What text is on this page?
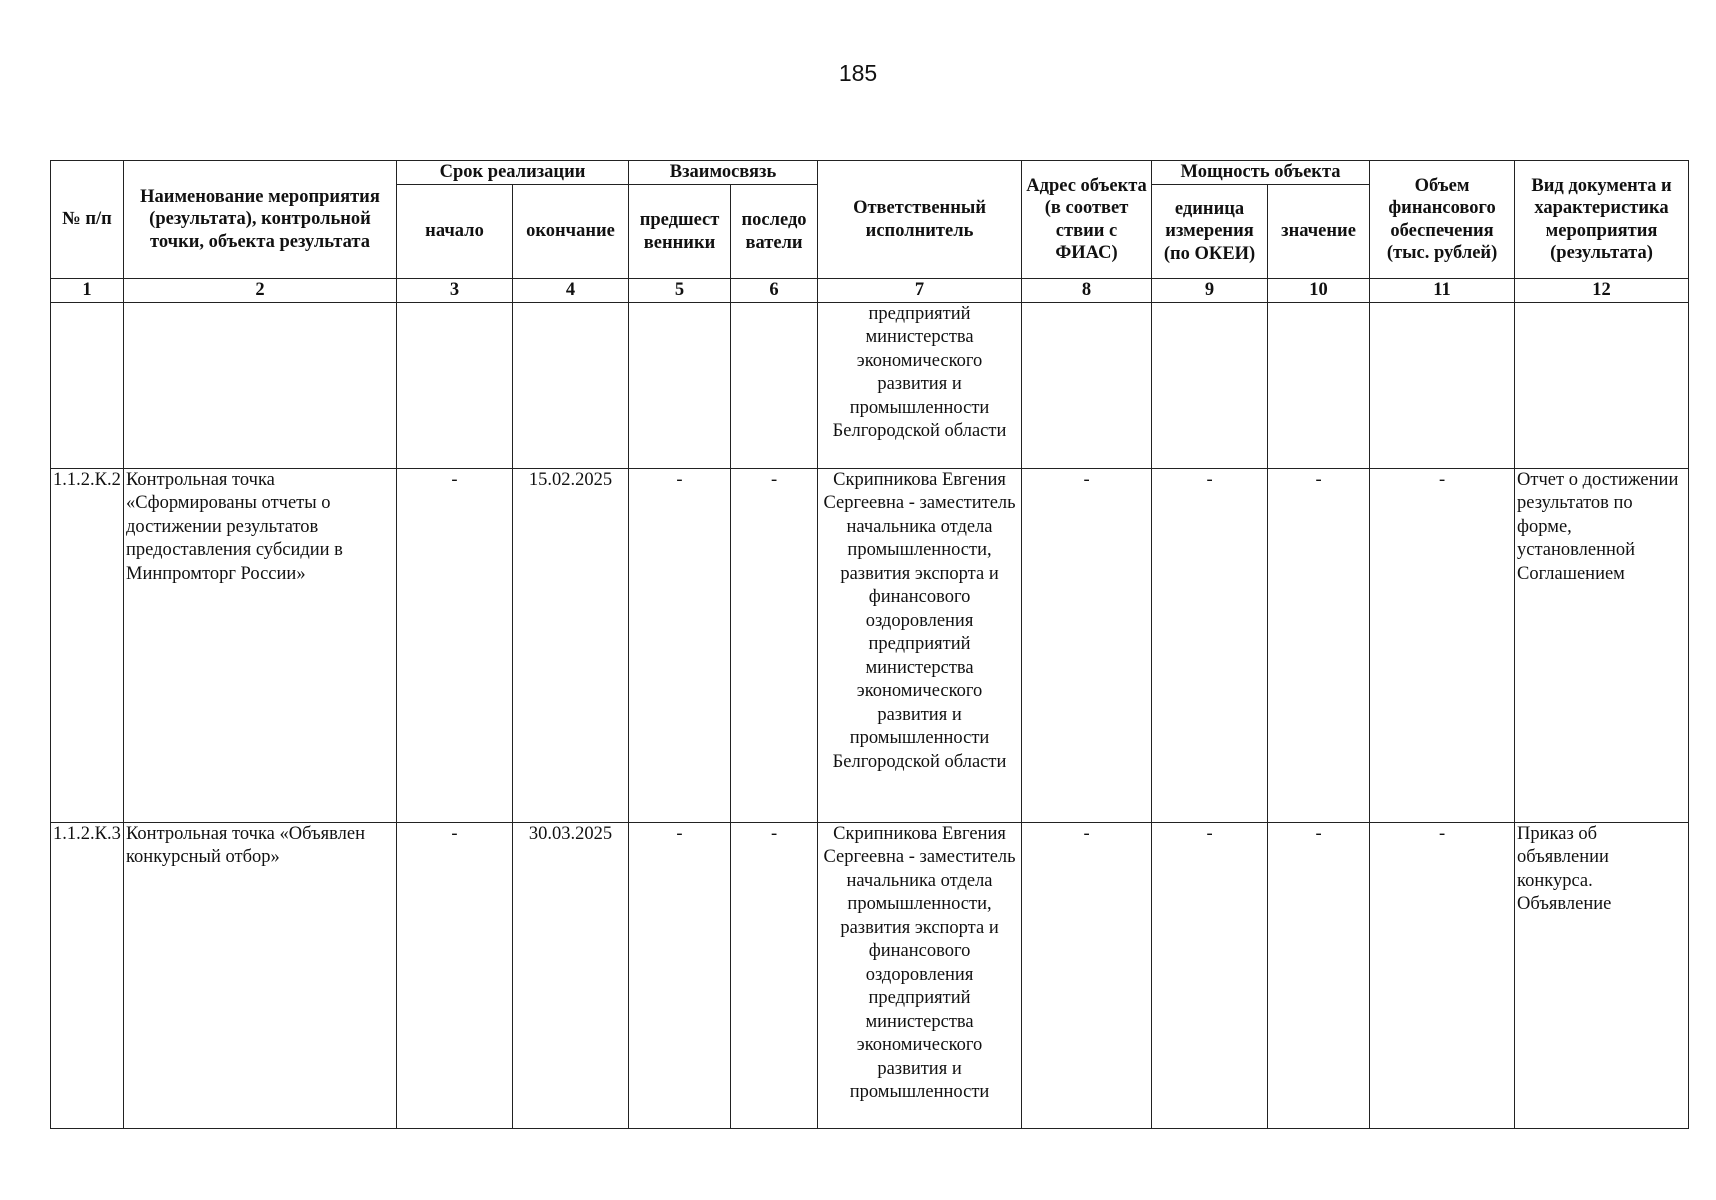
185
№ п/п	Наименование мероприятия (результата), контрольной точки, объекта результата	Срок реализации		Взаимосвязь		Ответственный исполнитель	Адрес объекта (в соответ ствии с ФИАС)	Мощность объекта		Объем финансового обеспечения (тыс. рублей)	Вид документа и характеристика мероприятия (результата)
		начало	окончание	предшест венники	последо ватели			единица измерения (по ОКЕИ)	значение		
1	2	3	4	5	6	7	8	9	10	11	12
						предприятий министерства экономического развития и промышленности Белгородской области					
1.1.2.К.2	Контрольная точка «Сформированы отчеты о достижении результатов предоставления субсидии в Минпромторг России»	-	15.02.2025	-	-	Скрипникова Евгения Сергеевна - заместитель начальника отдела промышленности, развития экспорта и финансового оздоровления предприятий министерства экономического развития и промышленности Белгородской области	-	-	-	-	Отчет о достижении результатов по форме, установленной Соглашением
1.1.2.К.3	Контрольная точка «Объявлен конкурсный отбор»	-	30.03.2025	-	-	Скрипникова Евгения Сергеевна - заместитель начальника отдела промышленности, развития экспорта и финансового оздоровления предприятий министерства экономического развития и промышленности	-	-	-	-	Приказ об объявлении конкурса. Объявление
